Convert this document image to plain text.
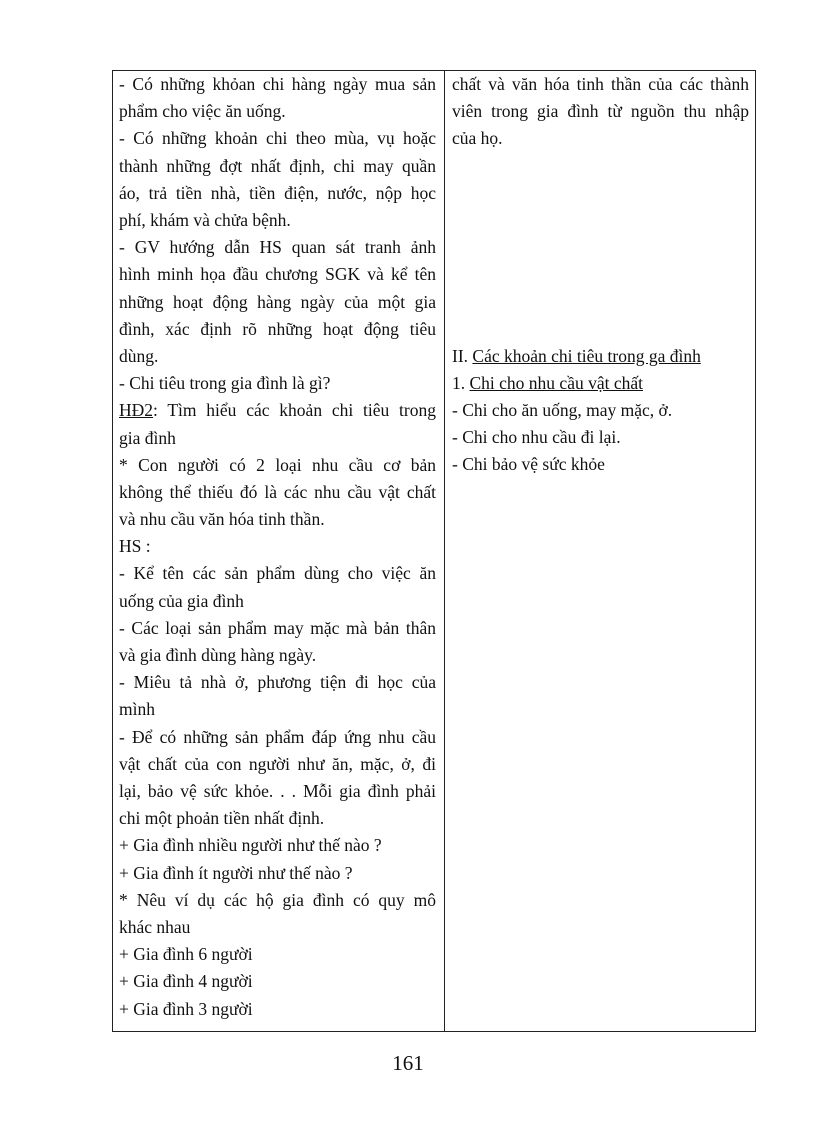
- Có những khỏan chi hàng ngày mua sản
phẩm cho việc ăn uống.
- Có những khoản chi theo mùa, vụ hoặc
thành những đợt nhất định, chi may quần
áo, trả tiền nhà, tiền điện, nước, nộp học
phí, khám và chửa bệnh.
- GV hướng dẫn HS quan sát tranh ảnh
hình minh họa đầu chương SGK và kể tên
những hoạt động hàng ngày của một gia
đình, xác định rõ những hoạt động tiêu
dùng.
- Chi tiêu trong gia đình là gì?
HĐ2: Tìm hiểu các khoản chi tiêu trong
gia đình
* Con người có 2 loại nhu cầu cơ bản
không thể thiếu đó là các nhu cầu vật chất
và nhu cầu văn hóa tinh thần.
HS :
- Kể tên các sản phẩm dùng cho việc ăn
uống của gia đình
- Các loại sản phẩm may mặc mà bản thân
và gia đình dùng hàng ngày.
- Miêu tả nhà ở, phương tiện đi học của
mình
- Để có những sản phẩm đáp ứng nhu cầu
vật chất của con người như ăn, mặc, ở, đi
lại, bảo vệ sức khỏe. . . Mỗi gia đình phải
chi một phoản tiền nhất định.
+ Gia đình nhiều người như thế nào ?
+ Gia đình ít người như thế nào ?
* Nêu ví dụ các hộ gia đình có quy mô
khác nhau
+ Gia đình 6 người
+ Gia đình 4 người
+ Gia đình 3 người
chất và văn hóa tinh thần của các thành
viên trong gia đình từ nguồn thu nhập
của họ.
II. Các khoản chi tiêu trong ga đình
1. Chi cho nhu cầu vật chất
- Chi cho ăn uống, may mặc, ở.
- Chi cho nhu cầu đi lại.
- Chi bảo vệ sức khỏe
161
